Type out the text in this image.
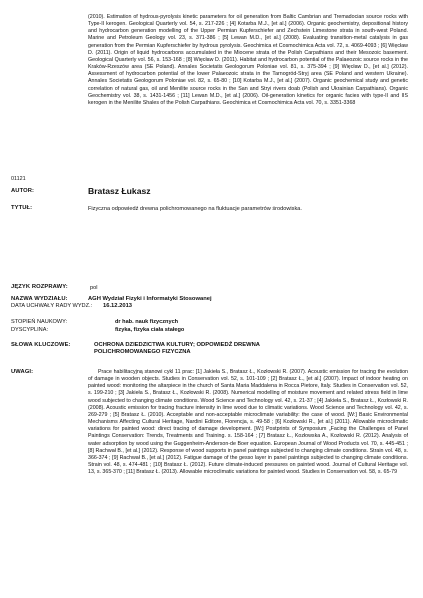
(2010). Estimation of hydrous-pyrolysis kinetic parameters for oil generation from Baltic Cambrian and Tremadocian source rocks with Type-II kerogen. Geological Quarterly vol. 54, s. 217-226 ; [4] Kotarba M.J., [et al.] (2006). Organic geochemistry, depositional history and hydrocarbon generation modelling of the Upper Permian Kupferschiefer and Zechstein Limestone strata in south-west Poland. Marine and Petroleum Geology vol. 23, s. 371-386 ; [5] Lewan M.D., [et al.] (2008). Evaluating transition-metal catalysis in gas generation from the Permian Kupferschiefer by hydrous pyrolysis. Geochimica et Cosmochimica Acta vol. 72, s. 4069-4093 ; [6] Więcław D. (2011). Origin of liquid hydrocarbons accumulated in the Miocene strata of the Polish Carpathians and their Mesozoic basement. Geological Quarterly vol. 56, s. 153-168 ; [8] Więcław D. (2011). Habitat and hydrocarbon potential of the Palaeozoic source rocks in the Kraków-Rzeszów area (SE Poland). Annales Societatis Geologorum Poloniae vol. 81, s. 375-394 ; [9] Więcław D., [et al.] (2012). Assessment of hydrocarbon potential of the lower Palaeozoic strata in the Tarnogród-Stryj area (SE Poland and western Ukraine). Annales Societatis Geologorum Poloniae vol. 82, s. 65-80 ; [10] Kotarba M.J., [et al.] (2007). Organic geochemical study and genetic correlation of natural gas, oil and Menilite source rocks in the San and Stryi rivers doab (Polish and Ukrainian Carpathians). Organic Geochemistry vol. 38, s. 1431-1456 ; [11] Lewan M.D., [et al.] (2006). Oil-generation kinetics for organic facies with type-II and IIS kerogen in the Menilite Shales of the Polish Carpathians. Geochimica et Cosmochimica Acta vol. 70, s. 3351-3368
01121
AUTOR:	Bratasz Łukasz
TYTUŁ:	Fizyczna odpowiedź drewna polichromowanego na fluktuacje parametrów środowiska.
JĘZYK ROZPRAWY:	pol
NAZWA WYDZIAŁU:	AGH Wydział Fizyki i Informatyki Stosowanej
DATA UCHWAŁY RADY WYDZ.: 16.12.2013
STOPIEŃ NAUKOWY:	dr hab. nauk fizycznych
DYSCYPLINA:	fizyka, fizyka ciała stałego
SŁOWA KLUCZOWE:	OCHRONA DZIEDZICTWA KULTURY; ODPOWIEDŹ DREWNA POLICHROMOWANEGO FIZYCZNA
UWAGI:	Prace habilitacyjną stanowi cykl 11 prac: [1] Jakieła S., Bratasz Ł., Kozłowski R. (2007). Acoustic emission for tracing the evolution of damage in wooden objects. Studies in Conservation vol. 52, s. 101-109 ; [2] Bratasz Ł., [et al.] (2007). Impact of indoor heating on painted wood: monitoring the altarpiece in the church of Santa Maria Maddalena in Rocca Pietore, Italy. Studies in Conservation vol. 52, s. 199-210 ; [3] Jakieła S., Bratasz Ł., Kozłowski R. (2008). Numerical modelling of moisture movement and related stress field in lime wood subjected to changing climate conditions. Wood Science and Technology vol. 42, s. 21-37 ; [4] Jakieła S., Bratasz Ł., Kozłowski R. (2008). Acoustic emission for tracing fracture intensity in lime wood due to climatic variations. Wood Science and Technology vol. 42, s. 269-279 ; [5] Bratasz Ł. (2010). Acceptable and non-acceptable microclimate variability: the case of wood. [W:] Basic Environmental Mechanisms Affecting Cultural Heritage, Nardini Editore, Florencja, s. 49-58 ; [6] Kozłowski R., [et al.] (2011). Allowable microclimatic variations for painted wood: direct tracing of damage development. [W:] Postprints of Symposium „Facing the Challenges of Panel Paintings Conservation: Trends, Treatments and Training. s. 158-164 ; [7] Bratasz Ł., Kozłowska A., Kozłowski R. (2012). Analysis of water adsorption by wood using the Guggenheim-Anderson-de Boer equation. European Journal of Wood Products vol. 70, s. 445-451 ; [8] Rachwał B., [et al.] (2012). Response of wood supports in panel paintings subjected to changing climate conditions. Strain vol. 48, s. 366-374 ; [9] Rachwał B., [et al.] (2012). Fatigue damage of the gesso layer in panel paintings subjected to changing climate conditions. Strain vol. 48, s. 474-481 ; [10] Bratasz Ł. (2012). Future climate-induced pressures on painted wood. Journal of Cultural Heritage vol. 13, s. 365-370 ; [11] Bratasz Ł. (2013). Allowable microclimatic variations for painted wood. Studies in Conservation vol. 58, s. 65-79
